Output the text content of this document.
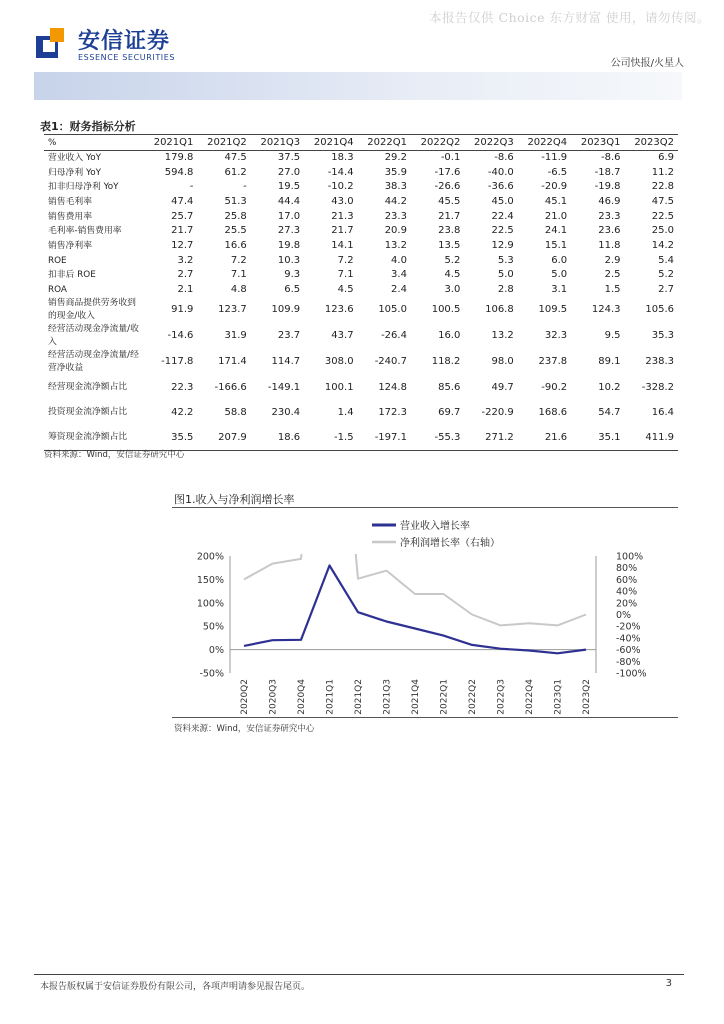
本报告仅供 Choice 东方财富 使用，请勿传阅。
安信证券
ESSENCE SECURITIES
公司快报/火星人
表1：财务指标分析
%	2021Q1	2021Q2	2021Q3	2021Q4	2022Q1	2022Q2	2022Q3	2022Q4	2023Q1	2023Q2
营业收入 YoY	179.8	47.5	37.5	18.3	29.2	-0.1	-8.6	-11.9	-8.6	6.9
归母净利 YoY	594.8	61.2	27.0	-14.4	35.9	-17.6	-40.0	-6.5	-18.7	11.2
扣非归母净利 YoY	-	-	19.5	-10.2	38.3	-26.6	-36.6	-20.9	-19.8	22.8
销售毛利率	47.4	51.3	44.4	43.0	44.2	45.5	45.0	45.1	46.9	47.5
销售费用率	25.7	25.8	17.0	21.3	23.3	21.7	22.4	21.0	23.3	22.5
毛利率-销售费用率	21.7	25.5	27.3	21.7	20.9	23.8	22.5	24.1	23.6	25.0
销售净利率	12.7	16.6	19.8	14.1	13.2	13.5	12.9	15.1	11.8	14.2
ROE	3.2	7.2	10.3	7.2	4.0	5.2	5.3	6.0	2.9	5.4
扣非后 ROE	2.7	7.1	9.3	7.1	3.4	4.5	5.0	5.0	2.5	5.2
ROA	2.1	4.8	6.5	4.5	2.4	3.0	2.8	3.1	1.5	2.7
销售商品提供劳务收到的现金/收入	91.9	123.7	109.9	123.6	105.0	100.5	106.8	109.5	124.3	105.6
经营活动现金净流量/收入	-14.6	31.9	23.7	43.7	-26.4	16.0	13.2	32.3	9.5	35.3
经营活动现金净流量/经营净收益	-117.8	171.4	114.7	308.0	-240.7	118.2	98.0	237.8	89.1	238.3
经营现金流净额占比	22.3	-166.6	-149.1	100.1	124.8	85.6	49.7	-90.2	10.2	-328.2
投资现金流净额占比	42.2	58.8	230.4	1.4	172.3	69.7	-220.9	168.6	54.7	16.4
筹资现金流净额占比	35.5	207.9	18.6	-1.5	-197.1	-55.3	271.2	21.6	35.1	411.9
资料来源：Wind，安信证券研究中心
图1.收入与净利润增长率
200%
150%
100%
50%
0%
-50%
100%
80%
60%
40%
20%
0%
-20%
-40%
-60%
-80%
-100%
2020Q2 2020Q3 2020Q4 2021Q1 2021Q2 2021Q3 2021Q4 2022Q1 2022Q2 2022Q3 2022Q4 2023Q1 2023Q2
营业收入增长率
净利润增长率（右轴）
资料来源：Wind，安信证券研究中心
本报告版权属于安信证券股份有限公司，各项声明请参见报告尾页。	3
